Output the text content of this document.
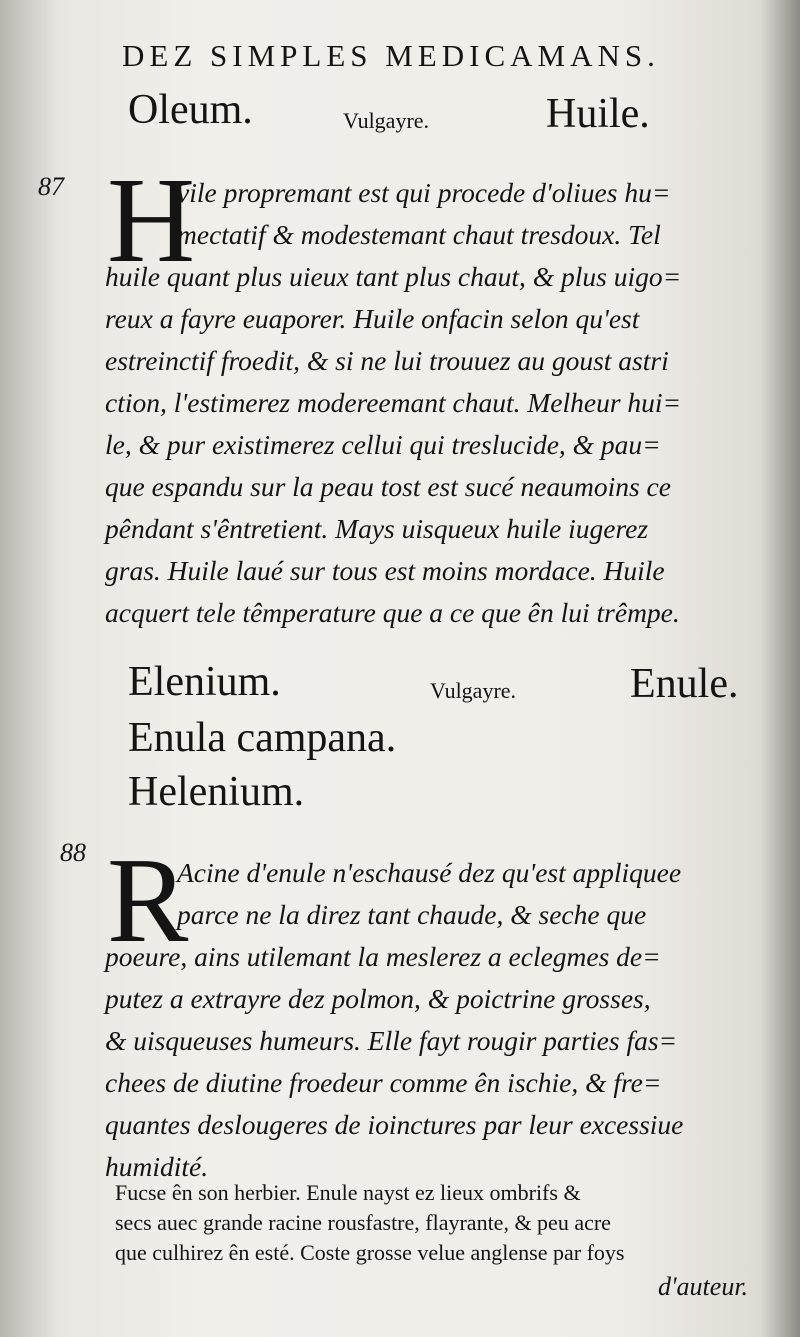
DEZ SIMPLES MEDICAMANS.
Oleum.	Vulgayre.	Huile.
87 H
vile propremant est qui procede d'oliues hu=
mectatif & modestemant chaut tresdoux. Tel
huile quant plus uieux tant plus chaut, & plus uigo=
reux a fayre euaporer. Huile onfacin selon qu'est
estreinctif froedit, & si ne lui trouuez au goust astri
ction, l'estimerez modereemant chaut. Melheur hui=
le, & pur existimerez cellui qui treslucide, & pau=
que espandu sur la peau tost est sucé neaumoins ce
pêndant s'êntretient. Mays uisqueux huile iugerez
gras. Huile laué sur tous est moins mordace. Huile
acquert tele têmperature que a ce que ên lui trêmpe.
Elenium.	Vulgayre.	Enule.
Enula campana.
Helenium.
88 R
Acine d'enule n'eschausé dez qu'est appliquee
parce ne la direz tant chaude, & seche que
poeure, ains utilemant la meslerez a eclegmes de=
putez a extrayre dez polmon, & poictrine grosses,
& uisqueuses humeurs. Elle fayt rougir parties fas=
chees de diutine froedeur comme ên ischie, & fre=
quantes deslougeres de ioinctures par leur excessiue
humidité.
Fucse ên son herbier. Enule nayst ez lieux ombrifs &
secs auec grande racine rousfastre, flayrante, & peu acre
que culhirez ên esté. Coste grosse velue anglense par foys
d'auteur.
